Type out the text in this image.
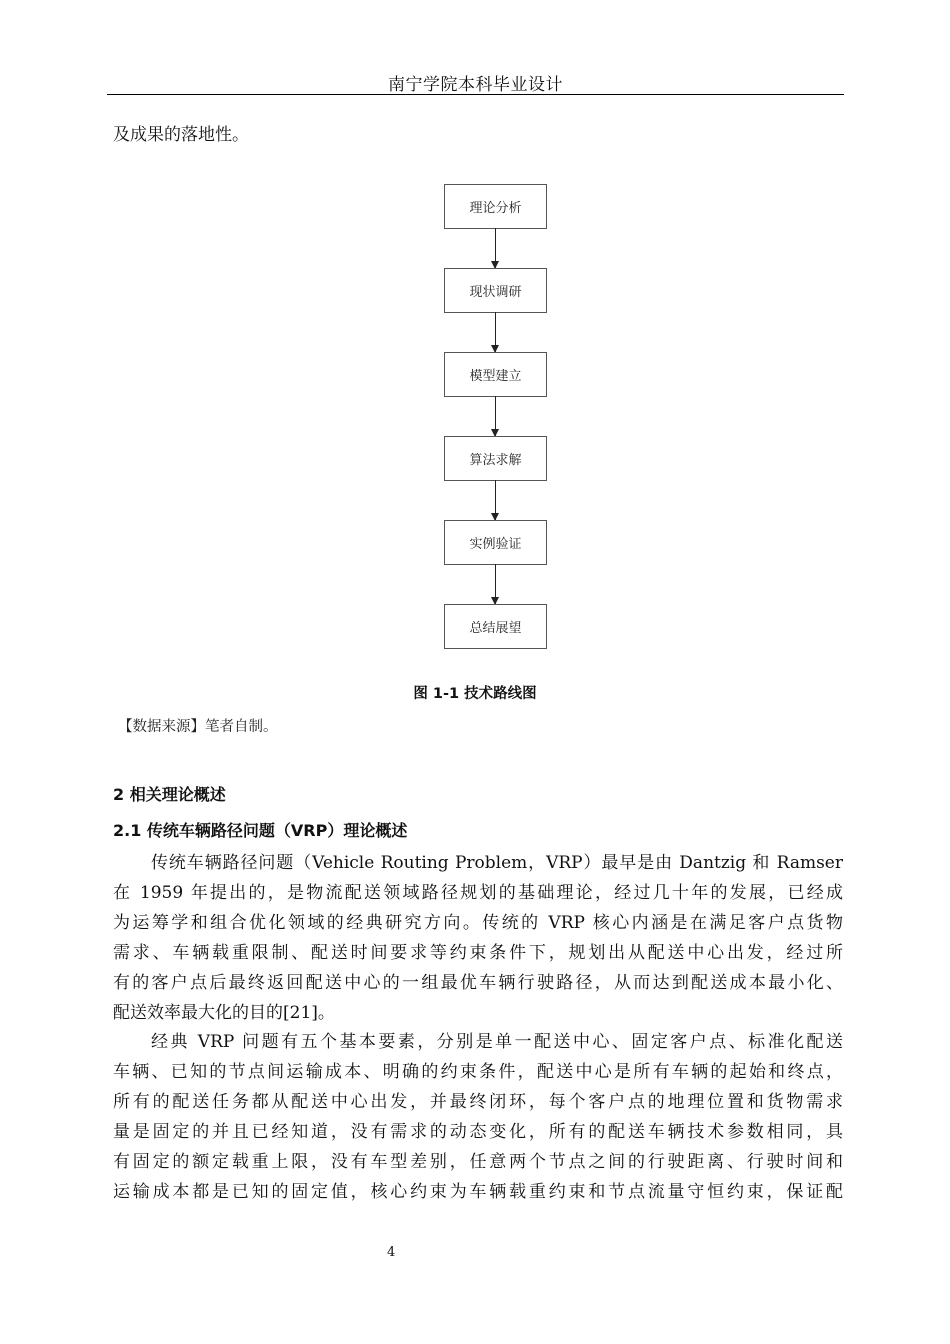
南宁学院本科毕业设计
及成果的落地性。
理论分析
现状调研
模型建立
算法求解
实例验证
总结展望
图 1-1 技术路线图
【数据来源】笔者自制。
2 相关理论概述
2.1 传统车辆路径问题（VRP）理论概述
传统车辆路径问题（Vehicle Routing Problem，VRP）最早是由 Dantzig 和 Ramser
在 1959 年提出的，是物流配送领域路径规划的基础理论，经过几十年的发展，已经成
为运筹学和组合优化领域的经典研究方向。传统的 VRP 核心内涵是在满足客户点货物
需求、车辆载重限制、配送时间要求等约束条件下，规划出从配送中心出发，经过所
有的客户点后最终返回配送中心的一组最优车辆行驶路径，从而达到配送成本最小化、
配送效率最大化的目的[21]。
经典 VRP 问题有五个基本要素，分别是单一配送中心、固定客户点、标准化配送
车辆、已知的节点间运输成本、明确的约束条件，配送中心是所有车辆的起始和终点，
所有的配送任务都从配送中心出发，并最终闭环，每个客户点的地理位置和货物需求
量是固定的并且已经知道，没有需求的动态变化，所有的配送车辆技术参数相同，具
有固定的额定载重上限，没有车型差别，任意两个节点之间的行驶距离、行驶时间和
运输成本都是已知的固定值，核心约束为车辆载重约束和节点流量守恒约束，保证配
4
